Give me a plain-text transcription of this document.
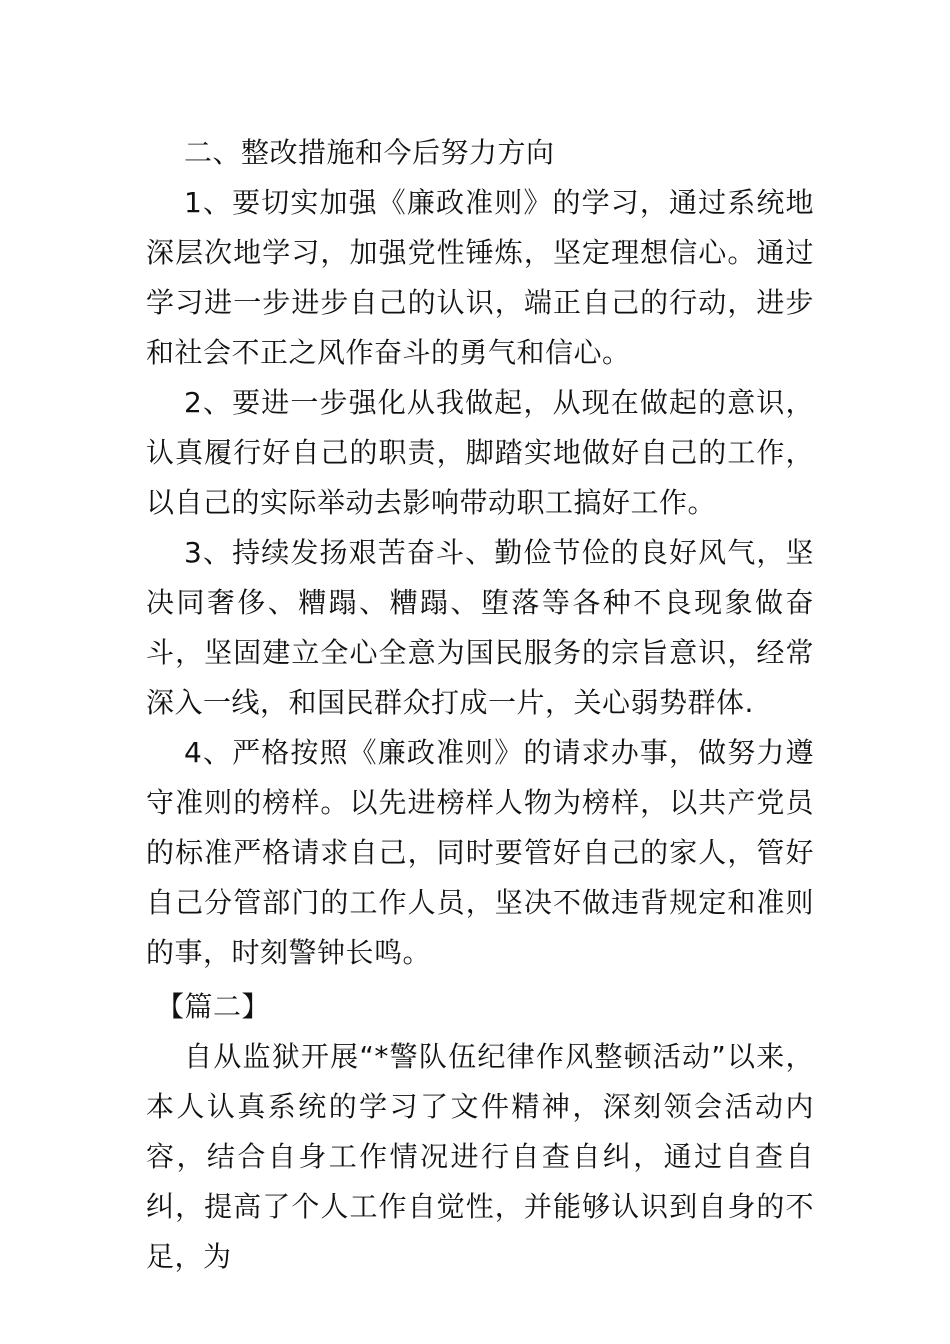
二、整改措施和今后努力方向

1、要切实加强《廉政准则》的学习，通过系统地深层次地学习，加强党性锤炼，坚定理想信心。通过学习进一步进步自己的认识，端正自己的行动，进步和社会不正之风作奋斗的勇气和信心。

2、要进一步强化从我做起，从现在做起的意识，认真履行好自己的职责，脚踏实地做好自己的工作，以自己的实际举动去影响带动职工搞好工作。

3、持续发扬艰苦奋斗、勤俭节俭的良好风气，坚决同奢侈、糟蹋、糟蹋、堕落等各种不良现象做奋斗，坚固建立全心全意为国民服务的宗旨意识，经常深入一线，和国民群众打成一片，关心弱势群体.

4、严格按照《廉政准则》的请求办事，做努力遵守准则的榜样。以先进榜样人物为榜样，以共产党员的标准严格请求自己，同时要管好自己的家人，管好自己分管部门的工作人员，坚决不做违背规定和准则的事，时刻警钟长鸣。

【篇二】

自从监狱开展“*警队伍纪律作风整顿活动”以来，本人认真系统的学习了文件精神，深刻领会活动内容，结合自身工作情况进行自查自纠，通过自查自纠，提高了个人工作自觉性，并能够认识到自身的不足，为
